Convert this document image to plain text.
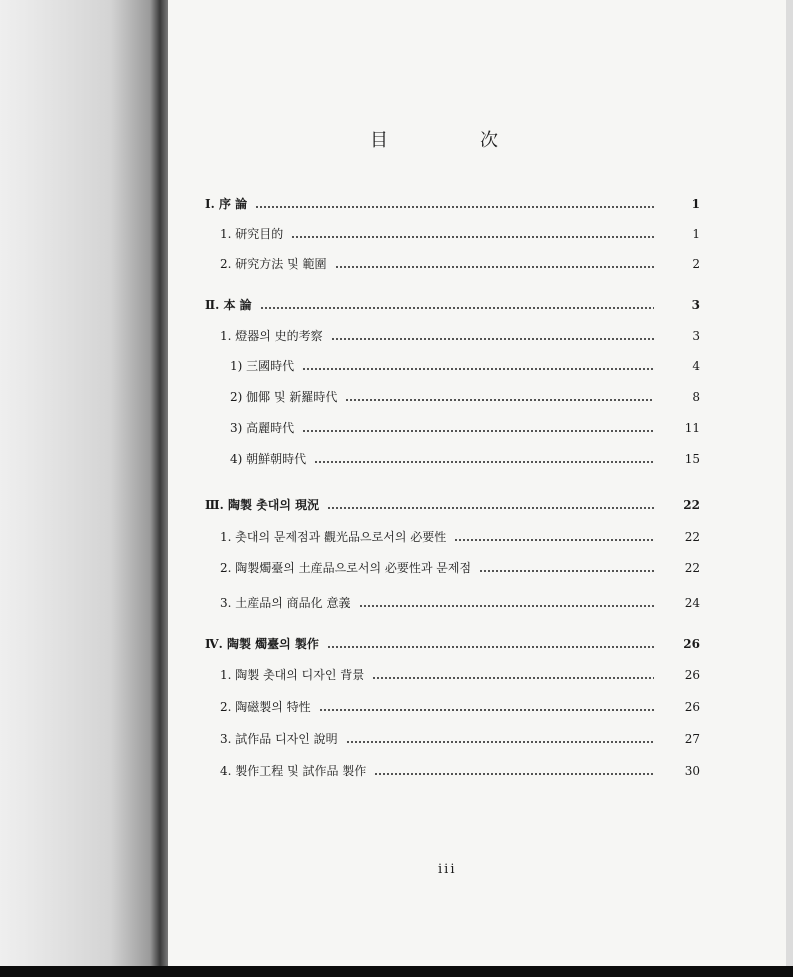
目	次
Ⅰ. 序 論	1
1. 研究目的	1
2. 研究方法 및 範圍	2
Ⅱ. 本 論	3
1. 燈器의 史的考察	3
1) 三國時代	4
2) 伽倻 및 新羅時代	8
3) 高麗時代	11
4) 朝鮮朝時代	15
Ⅲ. 陶製 촛대의 現況	22
1. 촛대의 문제점과 觀光品으로서의 必要性	22
2. 陶製燭臺의 土産品으로서의 必要性과 문제점	22
3. 土産品의 商品化 意義	24
Ⅳ. 陶製 燭臺의 製作	26
1. 陶製 촛대의 디자인 背景	26
2. 陶磁製의 特性	26
3. 試作品 디자인 說明	27
4. 製作工程 및 試作品 製作	30
iii
